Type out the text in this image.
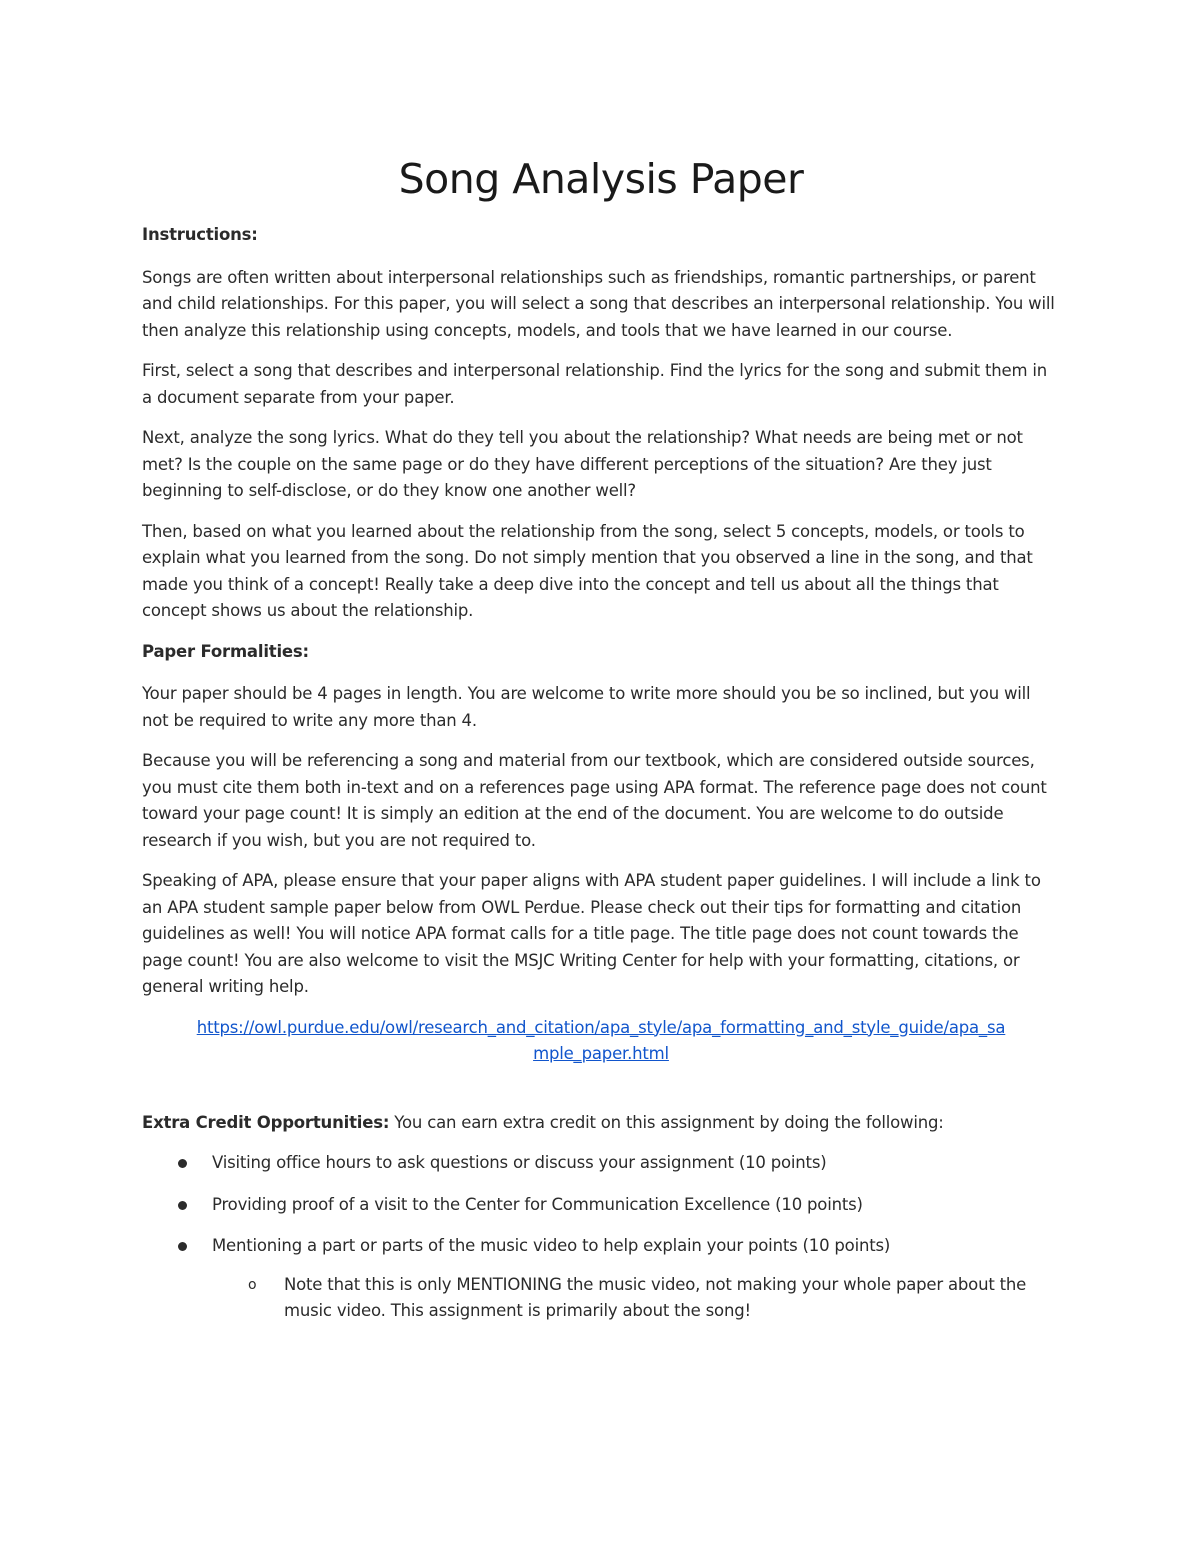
Song Analysis Paper

Instructions:

Songs are often written about interpersonal relationships such as friendships, romantic partnerships, or parent and child relationships. For this paper, you will select a song that describes an interpersonal relationship. You will then analyze this relationship using concepts, models, and tools that we have learned in our course.

First, select a song that describes and interpersonal relationship. Find the lyrics for the song and submit them in a document separate from your paper.

Next, analyze the song lyrics. What do they tell you about the relationship? What needs are being met or not met? Is the couple on the same page or do they have different perceptions of the situation? Are they just beginning to self-disclose, or do they know one another well?

Then, based on what you learned about the relationship from the song, select 5 concepts, models, or tools to explain what you learned from the song. Do not simply mention that you observed a line in the song, and that made you think of a concept! Really take a deep dive into the concept and tell us about all the things that concept shows us about the relationship.

Paper Formalities:

Your paper should be 4 pages in length. You are welcome to write more should you be so inclined, but you will not be required to write any more than 4.

Because you will be referencing a song and material from our textbook, which are considered outside sources, you must cite them both in-text and on a references page using APA format. The reference page does not count toward your page count! It is simply an edition at the end of the document. You are welcome to do outside research if you wish, but you are not required to.

Speaking of APA, please ensure that your paper aligns with APA student paper guidelines. I will include a link to an APA student sample paper below from OWL Perdue. Please check out their tips for formatting and citation guidelines as well! You will notice APA format calls for a title page. The title page does not count towards the page count! You are also welcome to visit the MSJC Writing Center for help with your formatting, citations, or general writing help.

https://owl.purdue.edu/owl/research_and_citation/apa_style/apa_formatting_and_style_guide/apa_sa
mple_paper.html

Extra Credit Opportunities: You can earn extra credit on this assignment by doing the following:

Visiting office hours to ask questions or discuss your assignment (10 points)
Providing proof of a visit to the Center for Communication Excellence (10 points)
Mentioning a part or parts of the music video to help explain your points (10 points)
o Note that this is only MENTIONING the music video, not making your whole paper about the music video. This assignment is primarily about the song!
